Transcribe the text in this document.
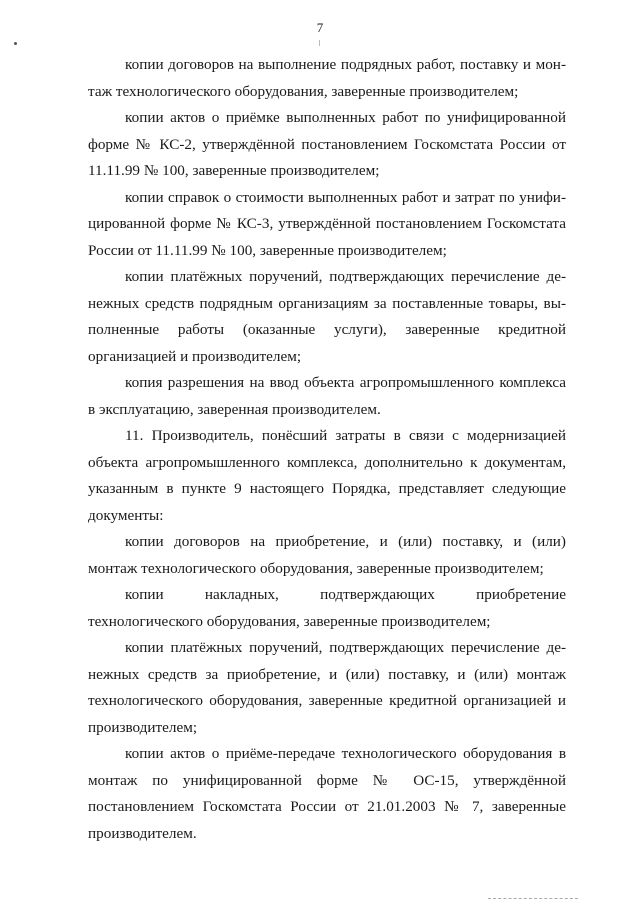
7

копии договоров на выполнение подрядных работ, поставку и монтаж технологического оборудования, заверенные производителем;

копии актов о приёмке выполненных работ по унифицированной форме № КС-2, утверждённой постановлением Госкомстата России от 11.11.99 № 100, заверенные производителем;

копии справок о стоимости выполненных работ и затрат по унифицированной форме № КС-3, утверждённой постановлением Госкомстата России от 11.11.99 № 100, заверенные производителем;

копии платёжных поручений, подтверждающих перечисление денежных средств подрядным организациям за поставленные товары, выполненные работы (оказанные услуги), заверенные кредитной организацией и производителем;

копия разрешения на ввод объекта агропромышленного комплекса в эксплуатацию, заверенная производителем.

11. Производитель, понёсший затраты в связи с модернизацией объекта агропромышленного комплекса, дополнительно к документам, указанным в пункте 9 настоящего Порядка, представляет следующие документы:

копии договоров на приобретение, и (или) поставку, и (или) монтаж технологического оборудования, заверенные производителем;

копии накладных, подтверждающих приобретение технологического оборудования, заверенные производителем;

копии платёжных поручений, подтверждающих перечисление денежных средств за приобретение, и (или) поставку, и (или) монтаж технологического оборудования, заверенные кредитной организацией и производителем;

копии актов о приёме-передаче технологического оборудования в монтаж по унифицированной форме № ОС-15, утверждённой постановлением Госкомстата России от 21.01.2003 № 7, заверенные производителем.
